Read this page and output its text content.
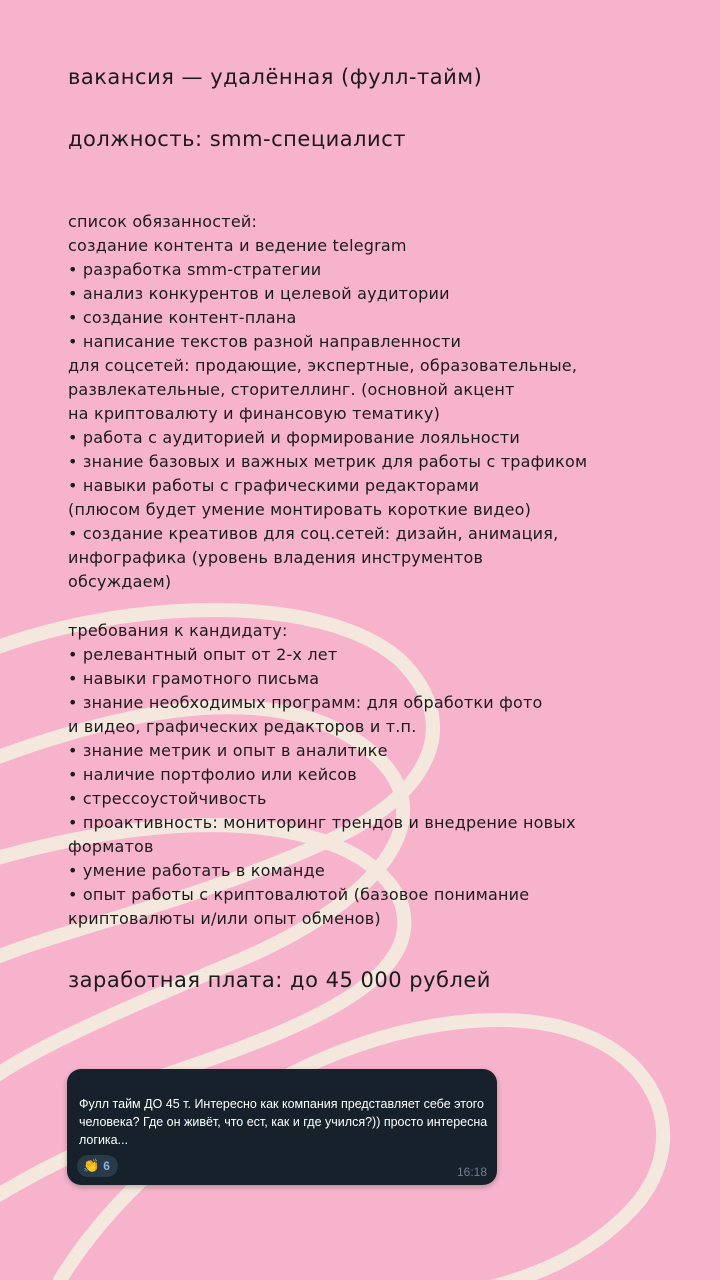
вакансия — удалённая (фулл-тайм)
должность: smm-специалист
список обязанностей:
создание контента и ведение telegram
• разработка smm-стратегии
• анализ конкурентов и целевой аудитории
• создание контент-плана
• написание текстов разной направленности
для соцсетей: продающие, экспертные, образовательные,
развлекательные, сторителлинг. (основной акцент
на криптовалюту и финансовую тематику)
• работа с аудиторией и формирование лояльности
• знание базовых и важных метрик для работы с трафиком
• навыки работы с графическими редакторами
(плюсом будет умение монтировать короткие видео)
• создание креативов для соц.сетей: дизайн, анимация,
инфографика (уровень владения инструментов
обсуждаем)
требования к кандидату:
• релевантный опыт от 2-х лет
• навыки грамотного письма
• знание необходимых программ: для обработки фото
и видео, графических редакторов и т.п.
• знание метрик и опыт в аналитике
• наличие портфолио или кейсов
• стрессоустойчивость
• проактивность: мониторинг трендов и внедрение новых
форматов
• умение работать в команде
• опыт работы с криптовалютой (базовое понимание
криптовалюты и/или опыт обменов)
заработная плата: до 45 000 рублей
Фулл тайм ДО 45 т. Интересно как компания представляет себе этого человека? Где он живёт, что ест, как и где учился?)) просто интересна логика...
👏 6	16:18
